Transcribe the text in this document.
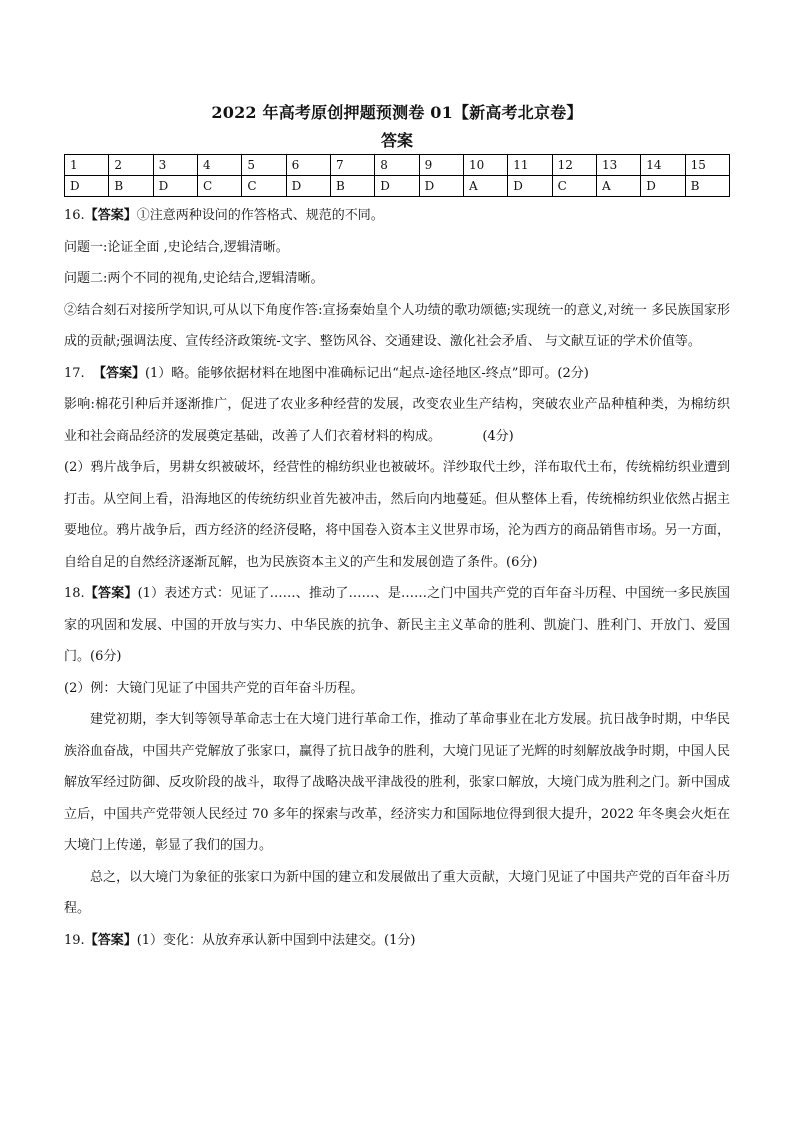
2022 年高考原创押题预测卷 01【新高考北京卷】
答案
1	2	3	4	5	6	7	8	9	10	11	12	13	14	15
D	B	D	C	C	D	B	D	D	A	D	C	A	D	B

16.【答案】①注意两种设问的作答格式、规范的不同。

问题一:论证全面 ,史论结合,逻辑清晰。

问题二:两个不同的视角,史论结合,逻辑清晰。

②结合刻石对接所学知识,可从以下角度作答:宣扬秦始皇个人功绩的歌功颂德;实现统一的意义,对统一 多民族国家形成的贡献;强调法度、宣传经济政策统-文字、整饬风谷、交通建设、激化社会矛盾、 与文献互证的学术价值等。

17. 【答案】(1）略。能够依据材料在地图中准确标记出“起点-途径地区-终点”即可。(2分)

影响:棉花引种后并逐渐推广，促进了农业多种经营的发展，改变农业生产结构，突破农业产品种植种类，为棉纺织业和社会商品经济的发展奠定基础，改善了人们衣着材料的构成。	(4分)

(2）鸦片战争后，男耕女织被破坏，经营性的棉纺织业也被破坏。洋纱取代土纱，洋布取代土布，传统棉纺织业遭到打击。从空间上看，沿海地区的传统纺织业首先被冲击，然后向内地蔓延。但从整体上看，传统棉纺织业依然占据主要地位。鸦片战争后，西方经济的经济侵略，将中国卷入资本主义世界市场，沦为西方的商品销售市场。另一方面，自给自足的自然经济逐渐瓦解，也为民族资本主义的产生和发展创造了条件。(6分)

18.【答案】(1）表述方式：见证了……、推动了……、是……之门中国共产党的百年奋斗历程、中国统一多民族国家的巩固和发展、中国的开放与实力、中华民族的抗争、新民主主义革命的胜利、凯旋门、胜利门、开放门、爱国门。(6分)

(2）例：大镜门见证了中国共产党的百年奋斗历程。

建党初期，李大钊等领导革命志士在大境门进行革命工作，推动了革命事业在北方发展。抗日战争时期，中华民族浴血奋战，中国共产党解放了张家口，赢得了抗日战争的胜利，大境门见证了光辉的时刻解放战争时期，中国人民解放军经过防御、反攻阶段的战斗，取得了战略决战平津战役的胜利，张家口解放，大境门成为胜利之门。新中国成立后，中国共产党带领人民经过 70 多年的探索与改革，经济实力和国际地位得到很大提升，2022 年冬奥会火炬在大境门上传递，彰显了我们的国力。

总之，以大境门为象征的张家口为新中国的建立和发展做出了重大贡献，大境门见证了中国共产党的百年奋斗历程。

19.【答案】(1）变化：从放弃承认新中国到中法建交。(1分)
